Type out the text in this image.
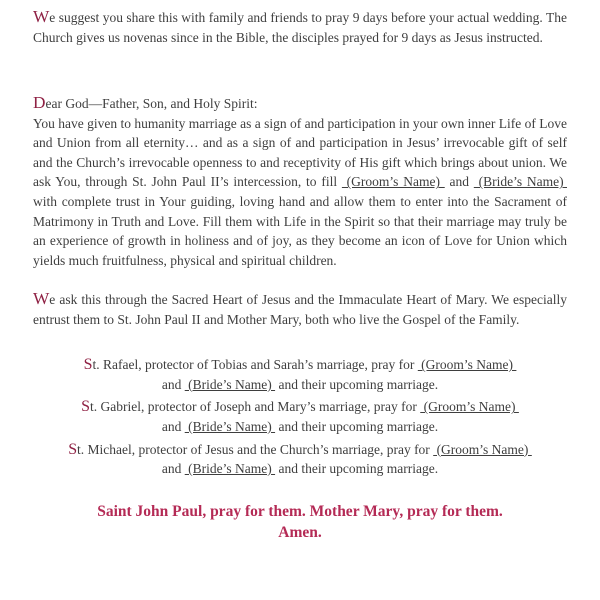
We suggest you share this with family and friends to pray 9 days before your actual wedding. The Church gives us novenas since in the Bible, the disciples prayed for 9 days as Jesus instructed.

Dear God—Father, Son, and Holy Spirit:
You have given to humanity marriage as a sign of and participation in your own inner Life of Love and Union from all eternity… and as a sign of and participation in Jesus’ irrevocable gift of self and the Church’s irrevocable openness to and receptivity of His gift which brings about union. We ask You, through St. John Paul II’s intercession, to fill  (Groom’s Name)  and  (Bride’s Name)  with complete trust in Your guiding, loving hand and allow them to enter into the Sacrament of Matrimony in Truth and Love. Fill them with Life in the Spirit so that their marriage may truly be an experience of growth in holiness and of joy, as they become an icon of Love for Union which yields much fruitfulness, physical and spiritual children.

We ask this through the Sacred Heart of Jesus and the Immaculate Heart of Mary. We especially entrust them to St. John Paul II and Mother Mary, both who live the Gospel of the Family.

St. Rafael, protector of Tobias and Sarah’s marriage, pray for  (Groom’s Name)
and  (Bride’s Name)  and their upcoming marriage.
St. Gabriel, protector of Joseph and Mary’s marriage, pray for  (Groom’s Name)
and  (Bride’s Name)  and their upcoming marriage.
St. Michael, protector of Jesus and the Church’s marriage, pray for  (Groom’s Name)
and  (Bride’s Name)  and their upcoming marriage.
Saint John Paul, pray for them. Mother Mary, pray for them.
Amen.
